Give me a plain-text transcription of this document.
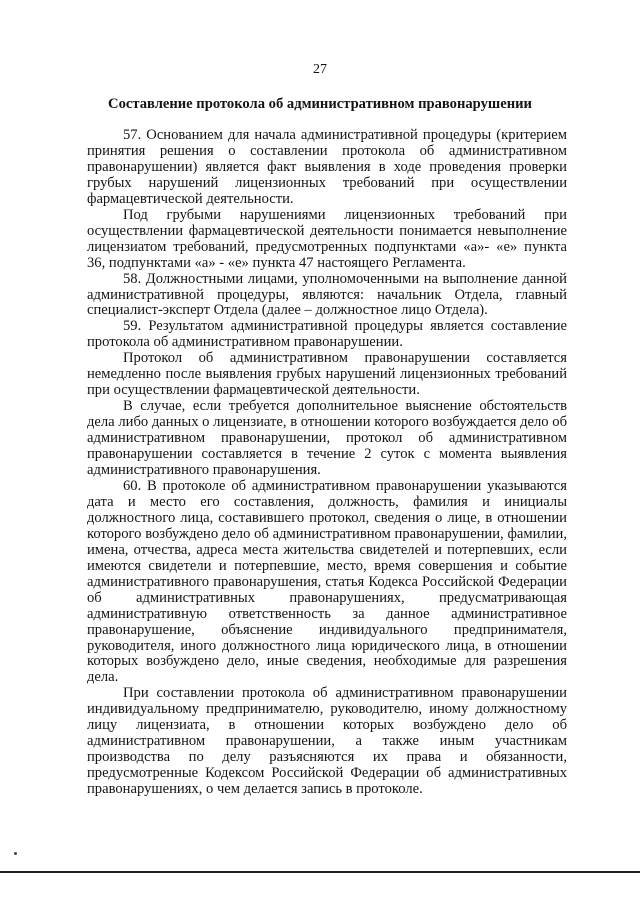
27
Составление протокола об административном правонарушении

57. Основанием для начала административной процедуры (критерием принятия решения о составлении протокола об административном правонарушении) является факт выявления в ходе проведения проверки грубых нарушений лицензионных требований при осуществлении фармацевтической деятельности.

Под грубыми нарушениями лицензионных требований при осуществлении фармацевтической деятельности понимается невыполнение лицензиатом требований, предусмотренных подпунктами «а»- «е» пункта 36, подпунктами «а» - «е» пункта 47 настоящего Регламента.

58. Должностными лицами, уполномоченными на выполнение данной административной процедуры, являются: начальник Отдела, главный специалист-эксперт Отдела (далее – должностное лицо Отдела).

59. Результатом административной процедуры является составление протокола об административном правонарушении.

Протокол об административном правонарушении составляется немедленно после выявления грубых нарушений лицензионных требований при осуществлении фармацевтической деятельности.

В случае, если требуется дополнительное выяснение обстоятельств дела либо данных о лицензиате, в отношении которого возбуждается дело об административном правонарушении, протокол об административном правонарушении составляется в течение 2 суток с момента выявления административного правонарушения.

60. В протоколе об административном правонарушении указываются дата и место его составления, должность, фамилия и инициалы должностного лица, составившего протокол, сведения о лице, в отношении которого возбуждено дело об административном правонарушении, фамилии, имена, отчества, адреса места жительства свидетелей и потерпевших, если имеются свидетели и потерпевшие, место, время совершения и событие административного правонарушения, статья Кодекса Российской Федерации об административных правонарушениях, предусматривающая административную ответственность за данное административное правонарушение, объяснение индивидуального предпринимателя, руководителя, иного должностного лица юридического лица, в отношении которых возбуждено дело, иные сведения, необходимые для разрешения дела.

При составлении протокола об административном правонарушении индивидуальному предпринимателю, руководителю, иному должностному лицу лицензиата, в отношении которых возбуждено дело об административном правонарушении, а также иным участникам производства по делу разъясняются их права и обязанности, предусмотренные Кодексом Российской Федерации об административных правонарушениях, о чем делается запись в протоколе.
